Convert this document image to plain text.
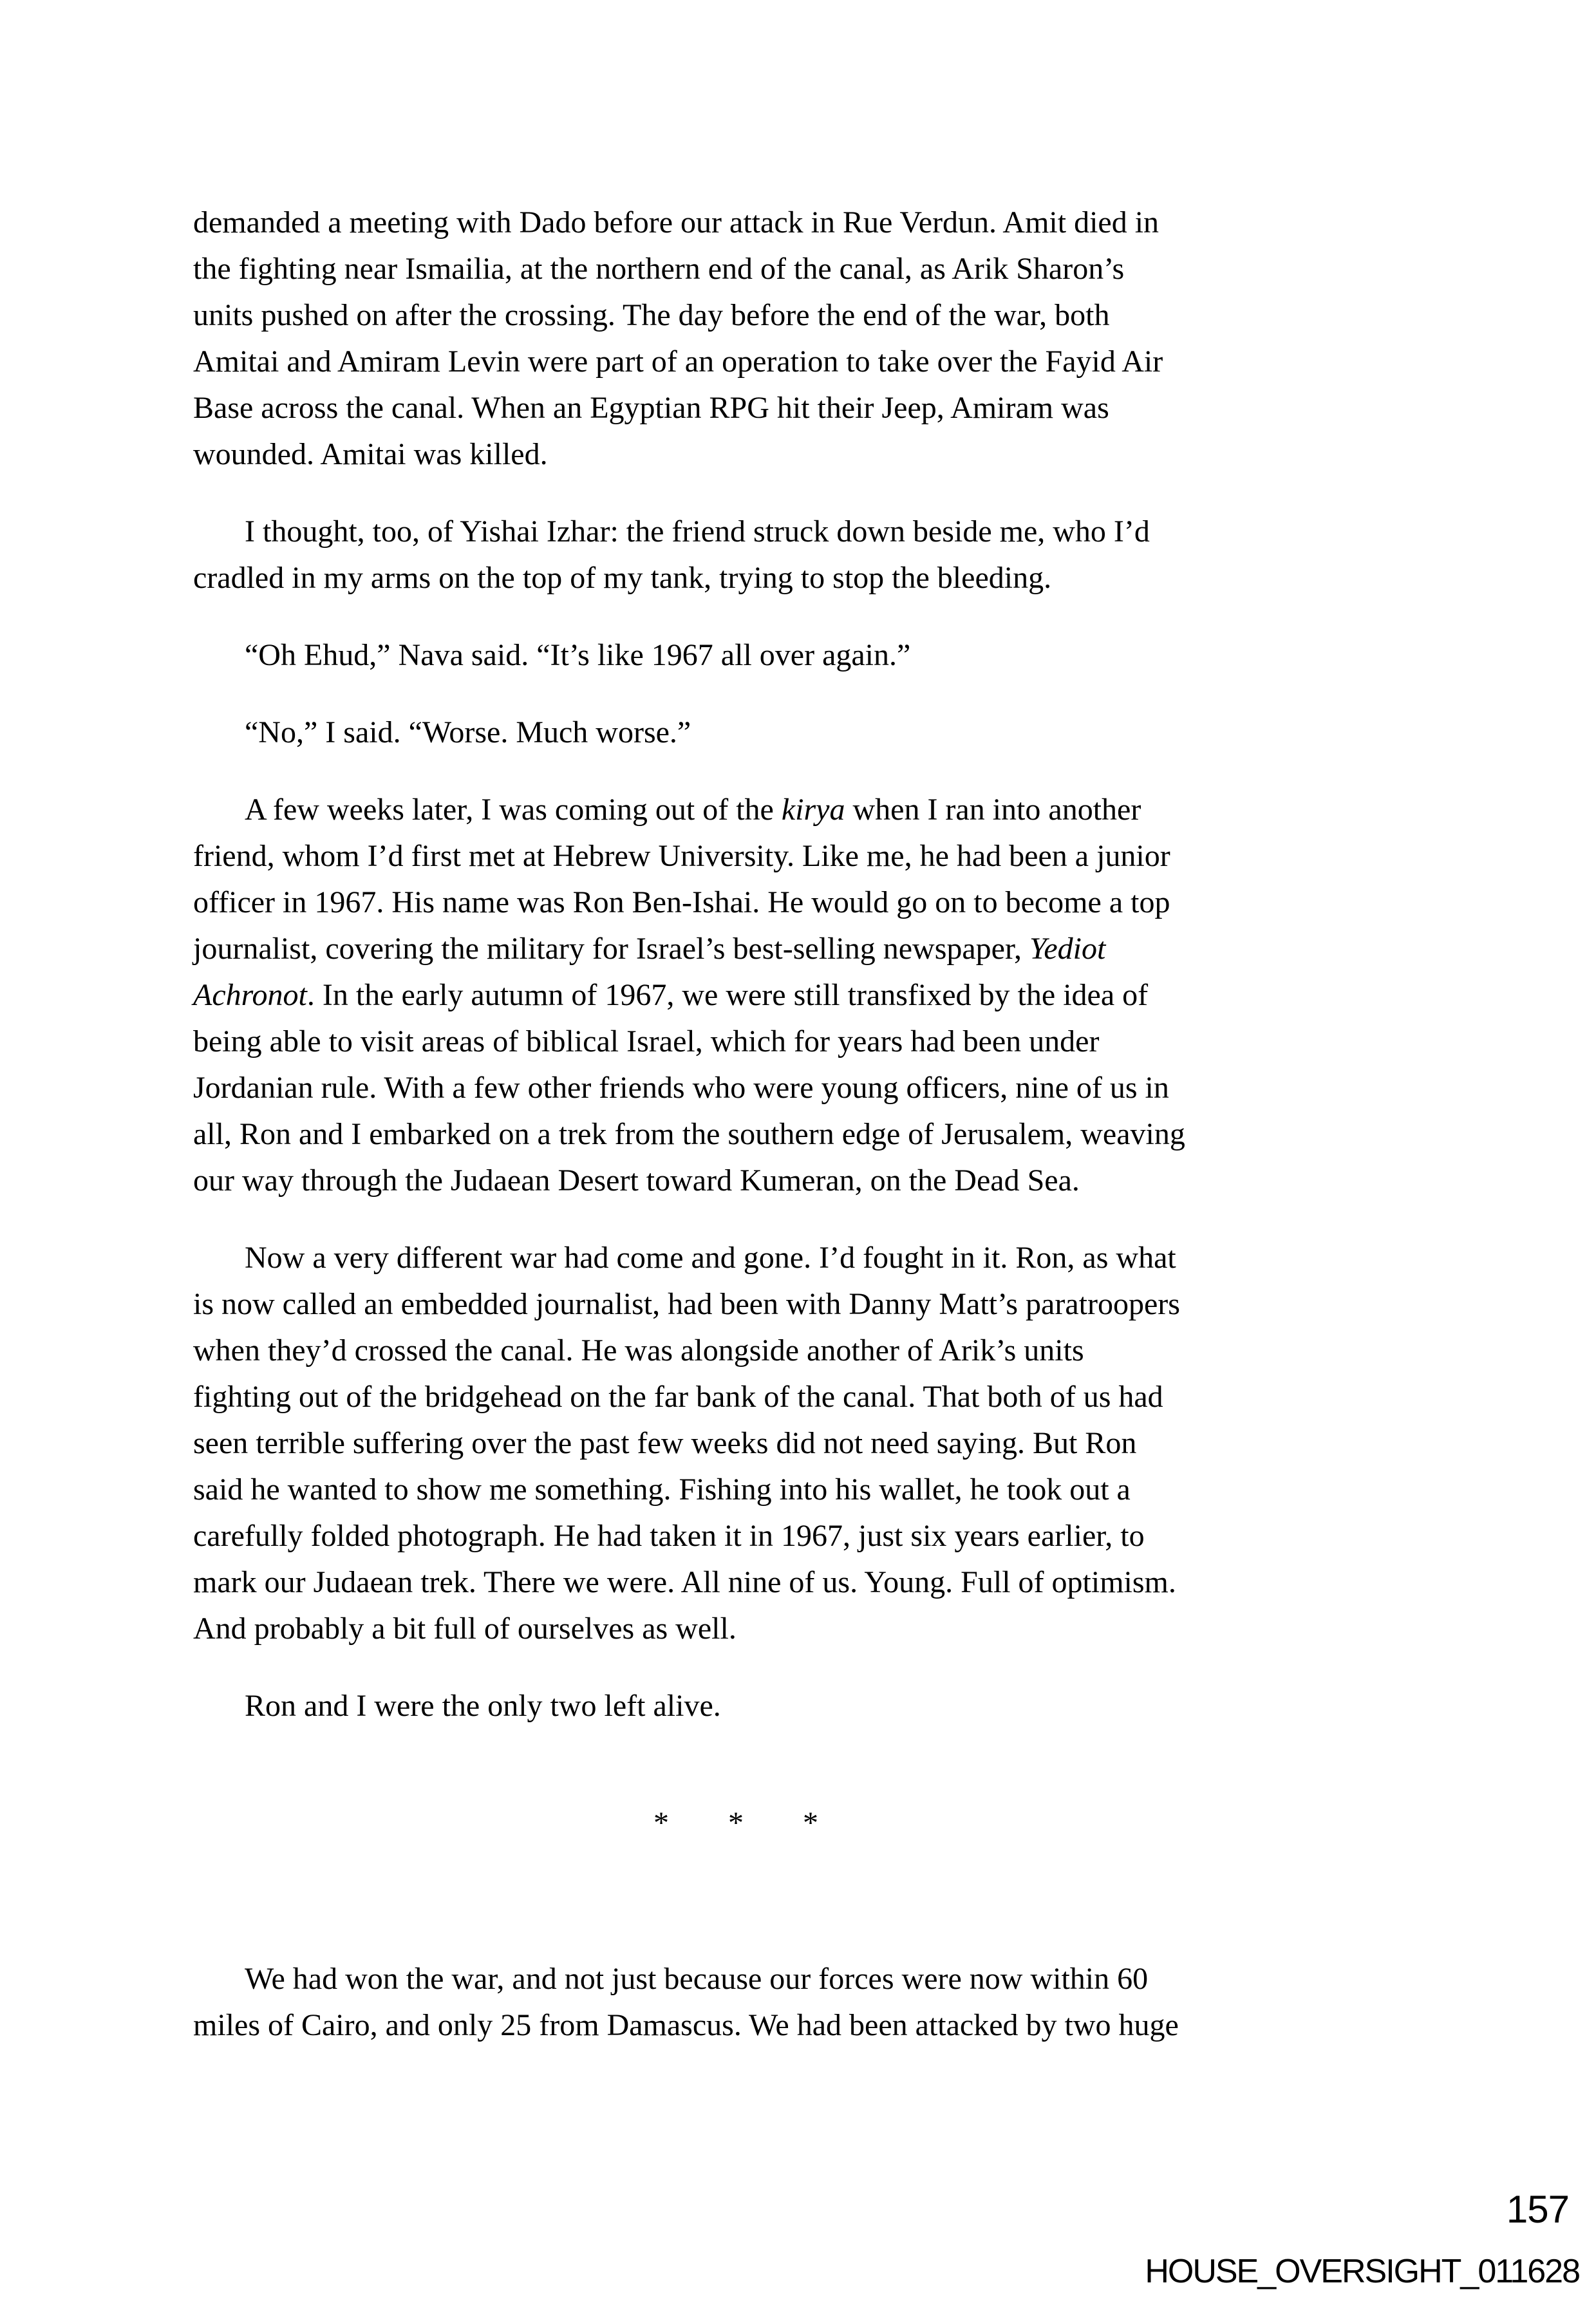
demanded a meeting with Dado before our attack in Rue Verdun. Amit died in
the fighting near Ismailia, at the northern end of the canal, as Arik Sharon’s
units pushed on after the crossing. The day before the end of the war, both
Amitai and Amiram Levin were part of an operation to take over the Fayid Air
Base across the canal. When an Egyptian RPG hit their Jeep, Amiram was
wounded. Amitai was killed.
I thought, too, of Yishai Izhar: the friend struck down beside me, who I’d
cradled in my arms on the top of my tank, trying to stop the bleeding.
“Oh Ehud,” Nava said. “It’s like 1967 all over again.”
“No,” I said. “Worse. Much worse.”
A few weeks later, I was coming out of the kirya when I ran into another
friend, whom I’d first met at Hebrew University. Like me, he had been a junior
officer in 1967. His name was Ron Ben-Ishai. He would go on to become a top
journalist, covering the military for Israel’s best-selling newspaper, Yediot
Achronot. In the early autumn of 1967, we were still transfixed by the idea of
being able to visit areas of biblical Israel, which for years had been under
Jordanian rule. With a few other friends who were young officers, nine of us in
all, Ron and I embarked on a trek from the southern edge of Jerusalem, weaving
our way through the Judaean Desert toward Kumeran, on the Dead Sea.
Now a very different war had come and gone. I’d fought in it. Ron, as what
is now called an embedded journalist, had been with Danny Matt’s paratroopers
when they’d crossed the canal. He was alongside another of Arik’s units
fighting out of the bridgehead on the far bank of the canal. That both of us had
seen terrible suffering over the past few weeks did not need saying. But Ron
said he wanted to show me something. Fishing into his wallet, he took out a
carefully folded photograph. He had taken it in 1967, just six years earlier, to
mark our Judaean trek. There we were. All nine of us. Young. Full of optimism.
And probably a bit full of ourselves as well.
Ron and I were the only two left alive.
* * *
We had won the war, and not just because our forces were now within 60
miles of Cairo, and only 25 from Damascus. We had been attacked by two huge
157
HOUSE_OVERSIGHT_011628
